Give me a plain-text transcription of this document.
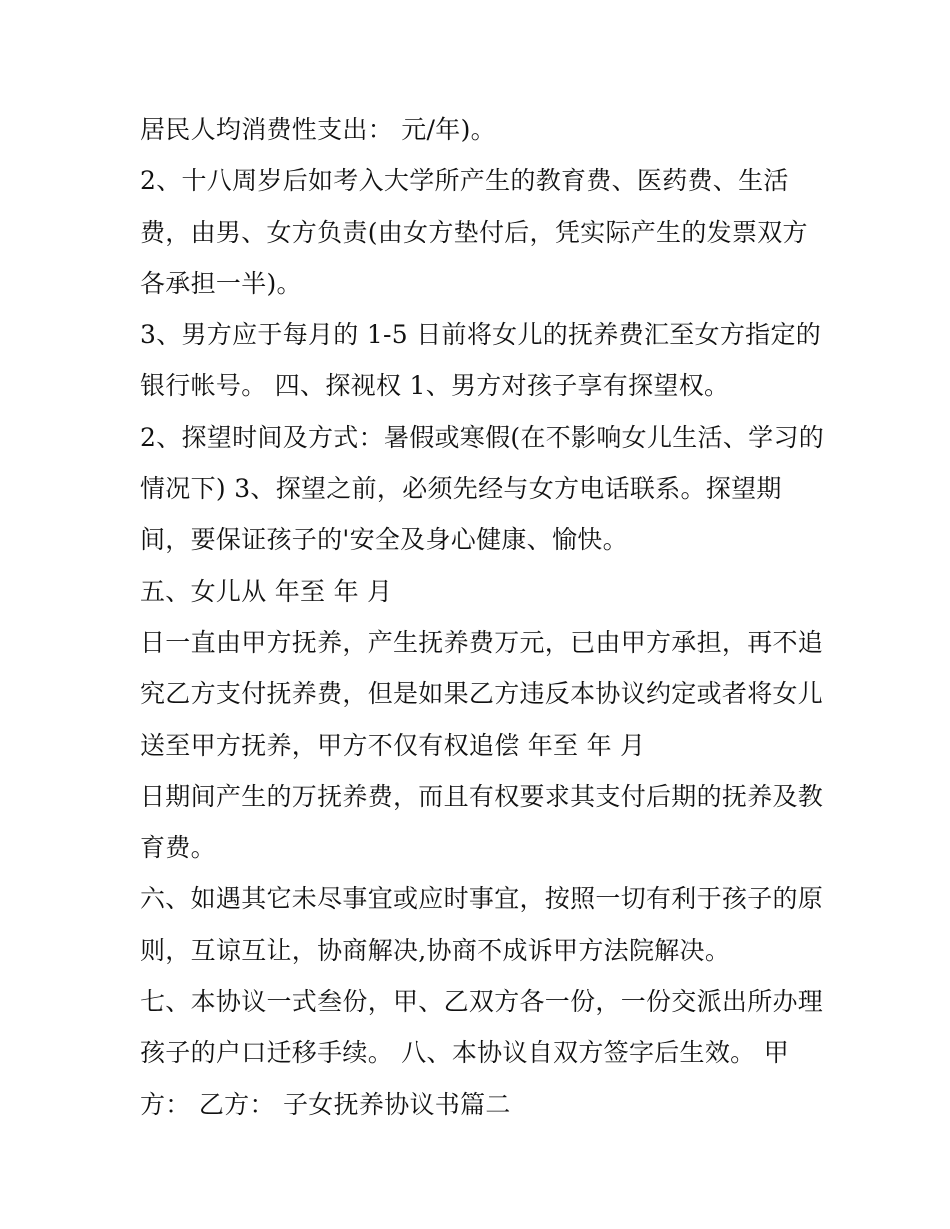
居民人均消费性支出： 元/年)。
2、十八周岁后如考入大学所产生的教育费、医药费、生活
费，由男、女方负责(由女方垫付后，凭实际产生的发票双方
各承担一半)。
3、男方应于每月的 1-5 日前将女儿的抚养费汇至女方指定的
银行帐号。 四、探视权 1、男方对孩子享有探望权。
2、探望时间及方式：暑假或寒假(在不影响女儿生活、学习的
情况下) 3、探望之前，必须先经与女方电话联系。探望期
间，要保证孩子的'安全及身心健康、愉快。
五、女儿从 年至 年 月
日一直由甲方抚养，产生抚养费万元，已由甲方承担，再不追
究乙方支付抚养费，但是如果乙方违反本协议约定或者将女儿
送至甲方抚养，甲方不仅有权追偿 年至 年 月
日期间产生的万抚养费，而且有权要求其支付后期的抚养及教
育费。
六、如遇其它未尽事宜或应时事宜，按照一切有利于孩子的原
则，互谅互让，协商解决,协商不成诉甲方法院解决。
七、本协议一式叁份，甲、乙双方各一份，一份交派出所办理
孩子的户口迁移手续。 八、本协议自双方签字后生效。 甲
方： 乙方： 子女抚养协议书篇二
